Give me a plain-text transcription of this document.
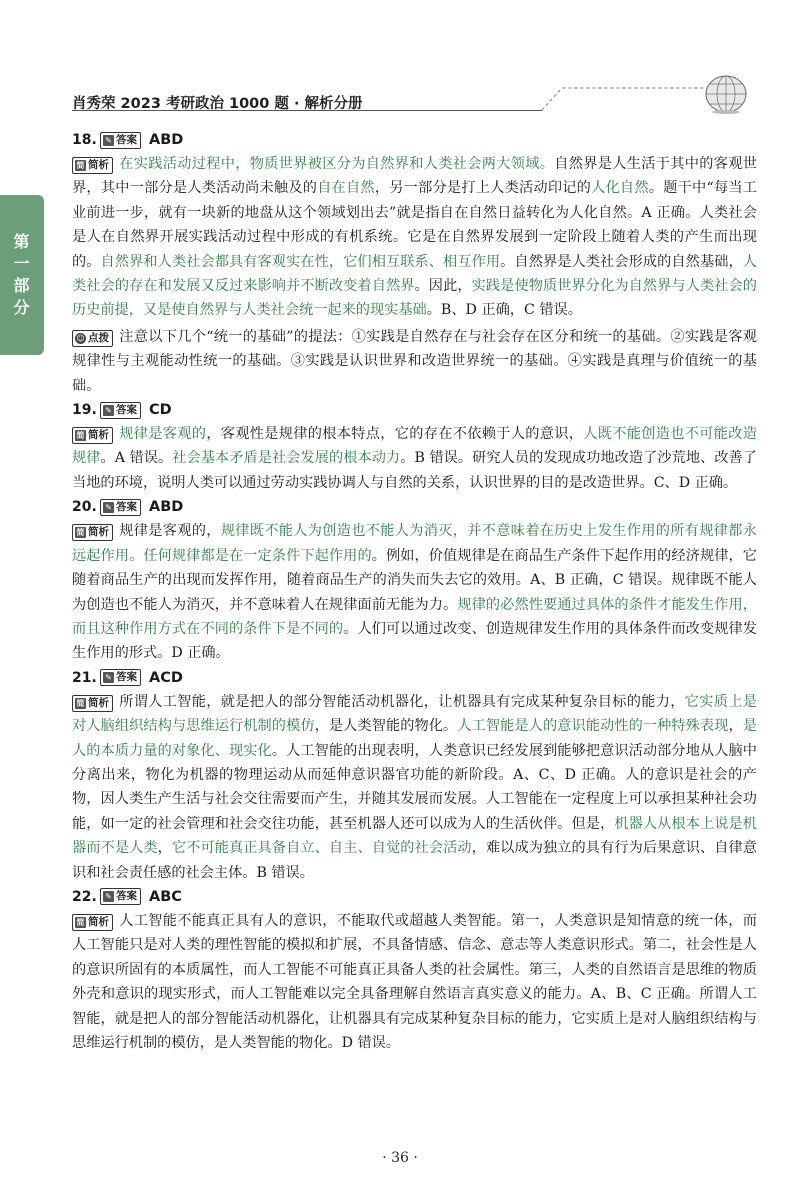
肖秀荣 2023 考研政治 1000 题 · 解析分册
第
一
部
分
18.	✎ 答案 ABD
简 简析 在实践活动过程中，物质世界被区分为自然界和人类社会两大领域。自然界是人生活于其中的客观世界，其中一部分是人类活动尚未触及的自在自然，另一部分是打上人类活动印记的人化自然。题干中“每当工业前进一步，就有一块新的地盘从这个领域划出去”就是指自在自然日益转化为人化自然。A 正确。人类社会是人在自然界开展实践活动过程中形成的有机系统。它是在自然界发展到一定阶段上随着人类的产生而出现的。自然界和人类社会都具有客观实在性，它们相互联系、相互作用。自然界是人类社会形成的自然基础，人类社会的存在和发展又反过来影响并不断改变着自然界。因此，实践是使物质世界分化为自然界与人类社会的历史前提，又是使自然界与人类社会统一起来的现实基础。B、D 正确，C 错误。
☺ 点拨 注意以下几个“统一的基础”的提法：①实践是自然存在与社会存在区分和统一的基础。②实践是客观规律性与主观能动性统一的基础。③实践是认识世界和改造世界统一的基础。④实践是真理与价值统一的基础。
19.	✎ 答案 CD
简 简析 规律是客观的，客观性是规律的根本特点，它的存在不依赖于人的意识，人既不能创造也不可能改造规律。A 错误。社会基本矛盾是社会发展的根本动力。B 错误。研究人员的发现成功地改造了沙荒地、改善了当地的环境，说明人类可以通过劳动实践协调人与自然的关系，认识世界的目的是改造世界。C、D 正确。
20.	✎ 答案 ABD
简 简析 规律是客观的，规律既不能人为创造也不能人为消灭，并不意味着在历史上发生作用的所有规律都永远起作用。任何规律都是在一定条件下起作用的。例如，价值规律是在商品生产条件下起作用的经济规律，它随着商品生产的出现而发挥作用，随着商品生产的消失而失去它的效用。A、B 正确，C 错误。规律既不能人为创造也不能人为消灭，并不意味着人在规律面前无能为力。规律的必然性要通过具体的条件才能发生作用，而且这种作用方式在不同的条件下是不同的。人们可以通过改变、创造规律发生作用的具体条件而改变规律发生作用的形式。D 正确。
21.	✎ 答案 ACD
简 简析 所谓人工智能，就是把人的部分智能活动机器化，让机器具有完成某种复杂目标的能力，它实质上是对人脑组织结构与思维运行机制的模仿，是人类智能的物化。人工智能是人的意识能动性的一种特殊表现，是人的本质力量的对象化、现实化。人工智能的出现表明，人类意识已经发展到能够把意识活动部分地从人脑中分离出来，物化为机器的物理运动从而延伸意识器官功能的新阶段。A、C、D 正确。人的意识是社会的产物，因人类生产生活与社会交往需要而产生，并随其发展而发展。人工智能在一定程度上可以承担某种社会功能，如一定的社会管理和社会交往功能，甚至机器人还可以成为人的生活伙伴。但是，机器人从根本上说是机器而不是人类，它不可能真正具备自立、自主、自觉的社会活动，难以成为独立的具有行为后果意识、自律意识和社会责任感的社会主体。B 错误。
22.	✎ 答案 ABC
简 简析 人工智能不能真正具有人的意识，不能取代或超越人类智能。第一，人类意识是知情意的统一体，而人工智能只是对人类的理性智能的模拟和扩展，不具备情感、信念、意志等人类意识形式。第二，社会性是人的意识所固有的本质属性，而人工智能不可能真正具备人类的社会属性。第三，人类的自然语言是思维的物质外壳和意识的现实形式，而人工智能难以完全具备理解自然语言真实意义的能力。A、B、C 正确。所谓人工智能，就是把人的部分智能活动机器化，让机器具有完成某种复杂目标的能力，它实质上是对人脑组织结构与思维运行机制的模仿，是人类智能的物化。D 错误。
· 36 ·
